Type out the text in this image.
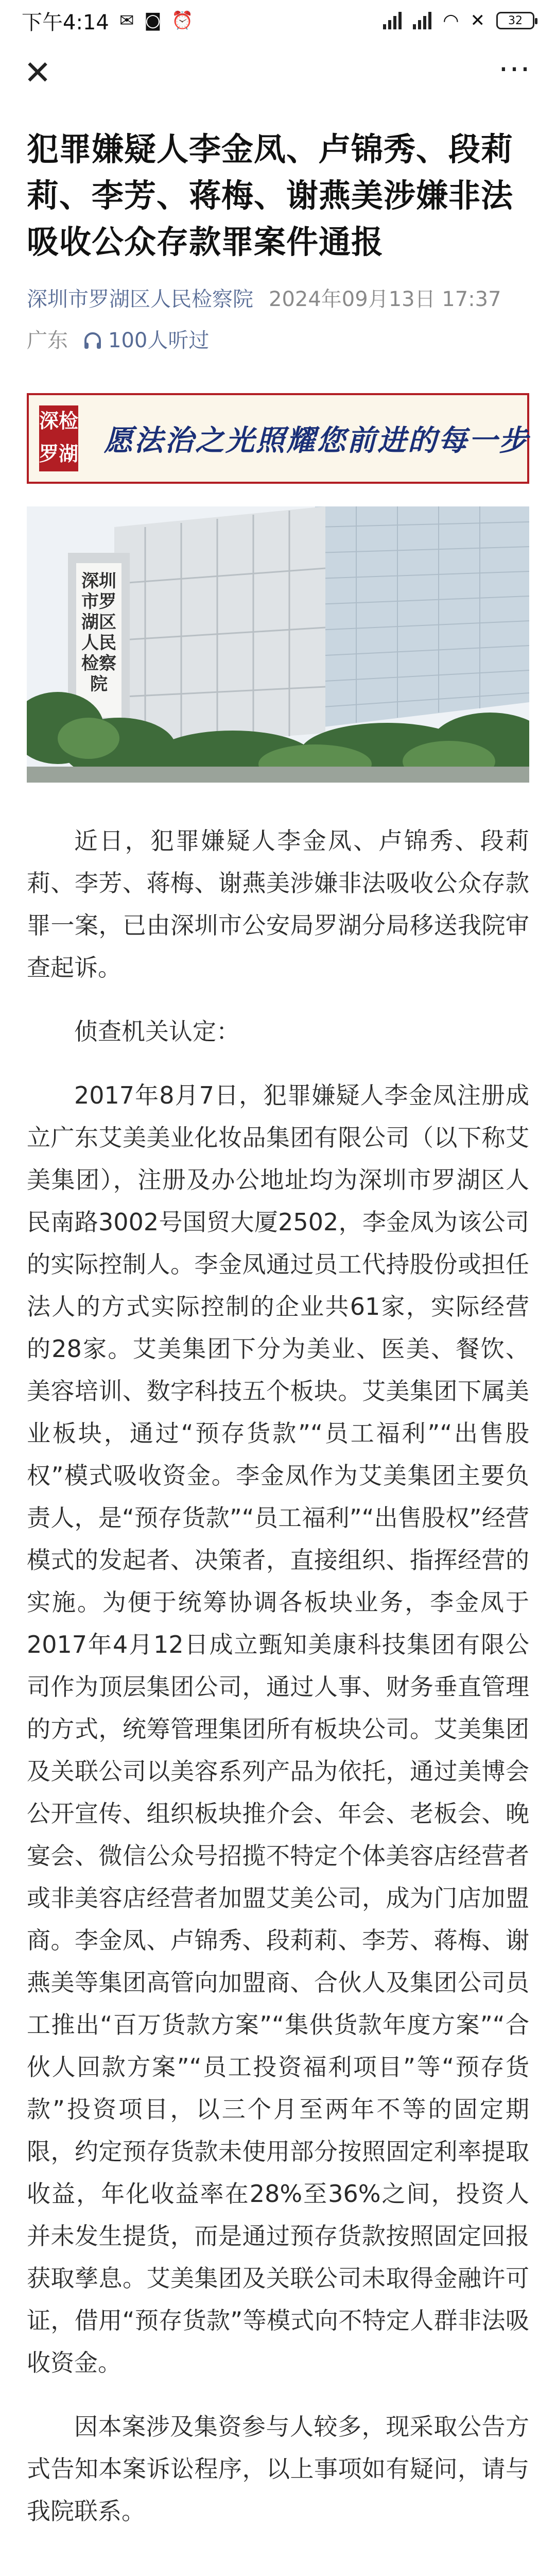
下午4:14 ✉ ◙ ⏰	◠ ✕ 32
✕	···
犯罪嫌疑人李金凤、卢锦秀、段莉莉、李芳、蒋梅、谢燕美涉嫌非法吸收公众存款罪案件通报
深圳市罗湖区人民检察院 2024年09月13日 17:37
广东 100人听过
深 检
罗 湖 愿法治之光照耀您前进的每一步
深圳市罗湖区人民检察院

近日，犯罪嫌疑人李金凤、卢锦秀、段莉莉、李芳、蒋梅、谢燕美涉嫌非法吸收公众存款罪一案，已由深圳市公安局罗湖分局移送我院审查起诉。

侦查机关认定：

2017年8月7日，犯罪嫌疑人李金凤注册成立广东艾美美业化妆品集团有限公司（以下称艾美集团），注册及办公地址均为深圳市罗湖区人民南路3002号国贸大厦2502，李金凤为该公司的实际控制人。李金凤通过员工代持股份或担任法人的方式实际控制的企业共61家，实际经营的28家。艾美集团下分为美业、医美、餐饮、美容培训、数字科技五个板块。艾美集团下属美业板块，通过“预存货款”“员工福利”“出售股权”模式吸收资金。李金凤作为艾美集团主要负责人，是“预存货款”“员工福利”“出售股权”经营模式的发起者、决策者，直接组织、指挥经营的实施。为便于统筹协调各板块业务，李金凤于2017年4月12日成立甄知美康科技集团有限公司作为顶层集团公司，通过人事、财务垂直管理的方式，统筹管理集团所有板块公司。艾美集团及关联公司以美容系列产品为依托，通过美博会公开宣传、组织板块推介会、年会、老板会、晚宴会、微信公众号招揽不特定个体美容店经营者或非美容店经营者加盟艾美公司，成为门店加盟商。李金凤、卢锦秀、段莉莉、李芳、蒋梅、谢燕美等集团高管向加盟商、合伙人及集团公司员工推出“百万货款方案”“集供货款年度方案”“合伙人回款方案”“员工投资福利项目”等“预存货款”投资项目，以三个月至两年不等的固定期限，约定预存货款未使用部分按照固定利率提取收益，年化收益率在28%至36%之间，投资人并未发生提货，而是通过预存货款按照固定回报获取孳息。艾美集团及关联公司未取得金融许可证，借用“预存货款”等模式向不特定人群非法吸收资金。

因本案涉及集资参与人较多，现采取公告方式告知本案诉讼程序，以上事项如有疑问，请与我院联系。
